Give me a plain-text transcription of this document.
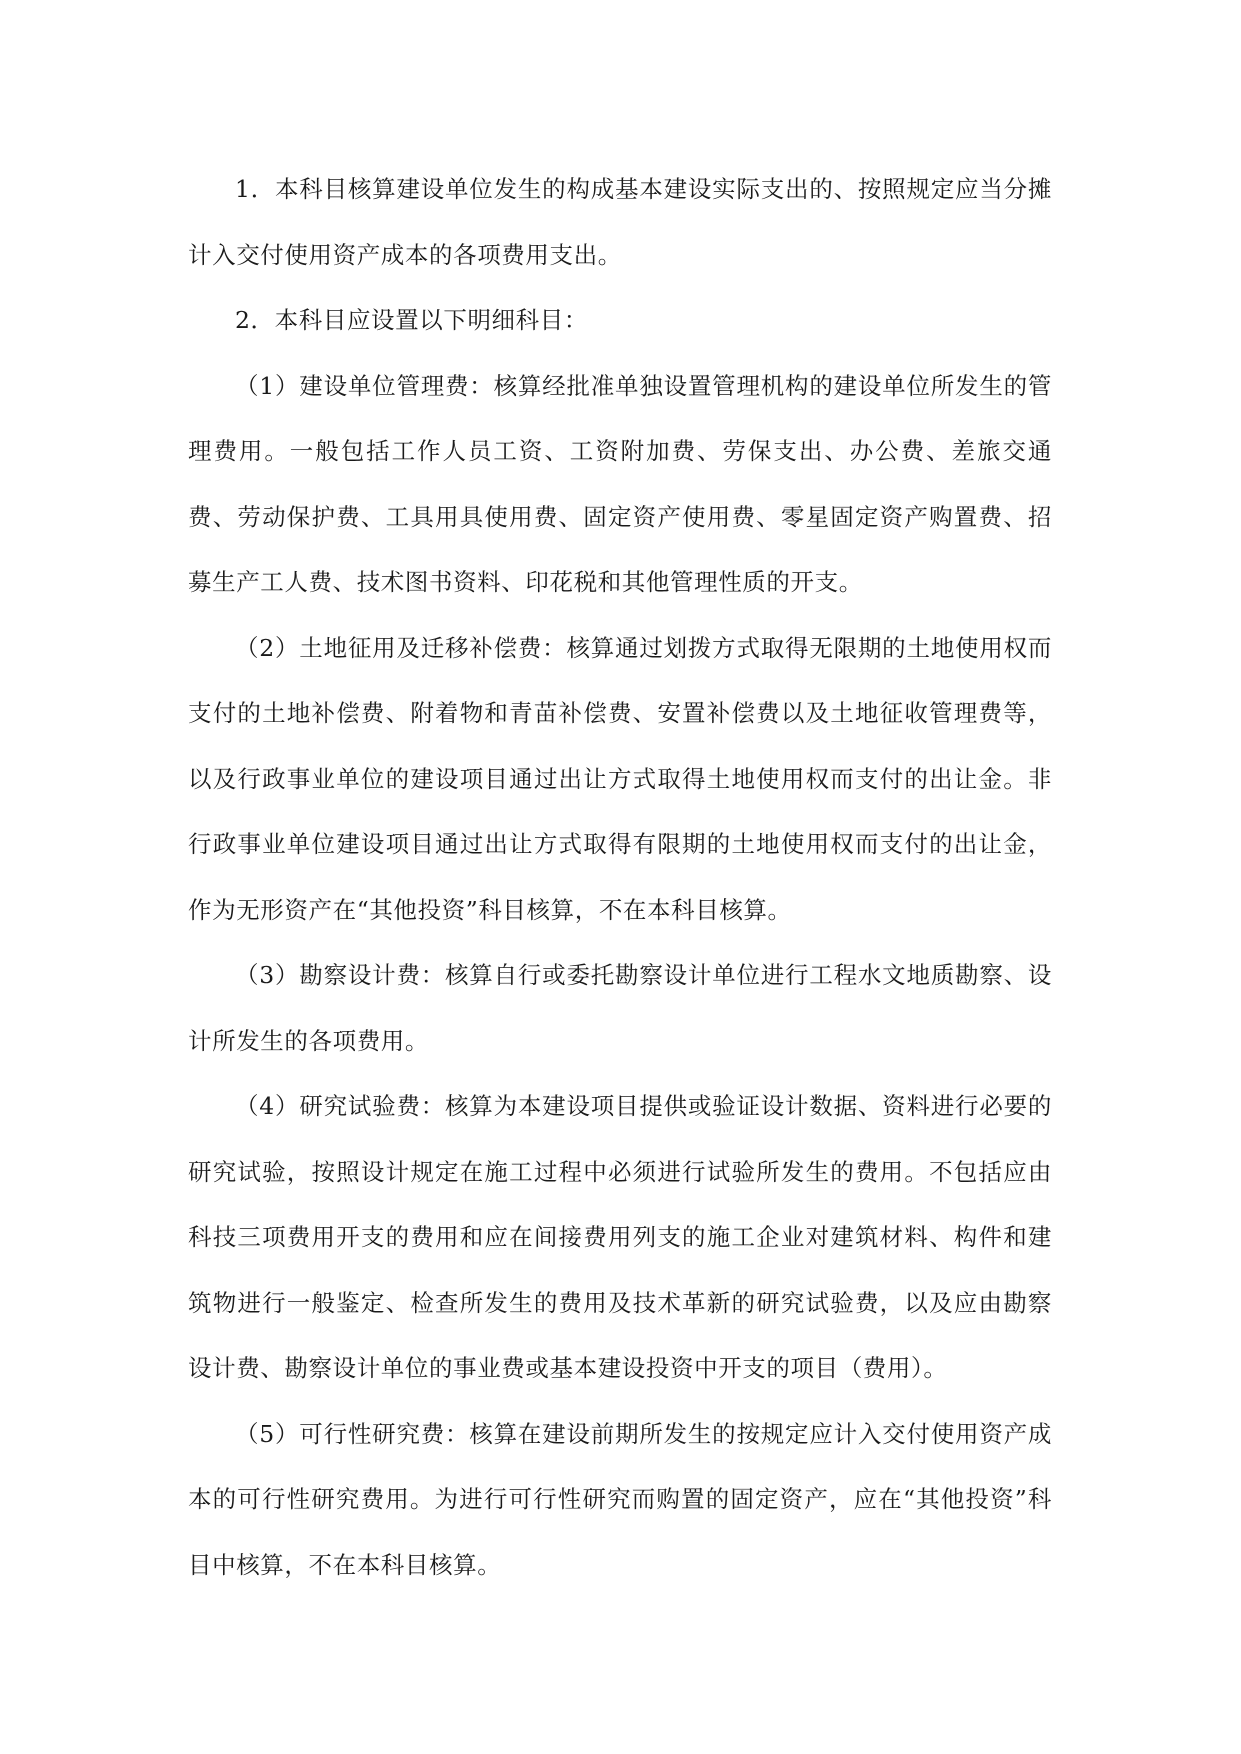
1．本科目核算建设单位发生的构成基本建设实际支出的、按照规定应当分摊计入交付使用资产成本的各项费用支出。

2．本科目应设置以下明细科目：

（1）建设单位管理费：核算经批准单独设置管理机构的建设单位所发生的管理费用。一般包括工作人员工资、工资附加费、劳保支出、办公费、差旅交通费、劳动保护费、工具用具使用费、固定资产使用费、零星固定资产购置费、招募生产工人费、技术图书资料、印花税和其他管理性质的开支。

（2）土地征用及迁移补偿费：核算通过划拨方式取得无限期的土地使用权而支付的土地补偿费、附着物和青苗补偿费、安置补偿费以及土地征收管理费等，以及行政事业单位的建设项目通过出让方式取得土地使用权而支付的出让金。非行政事业单位建设项目通过出让方式取得有限期的土地使用权而支付的出让金，作为无形资产在“其他投资”科目核算，不在本科目核算。

（3）勘察设计费：核算自行或委托勘察设计单位进行工程水文地质勘察、设计所发生的各项费用。

（4）研究试验费：核算为本建设项目提供或验证设计数据、资料进行必要的研究试验，按照设计规定在施工过程中必须进行试验所发生的费用。不包括应由科技三项费用开支的费用和应在间接费用列支的施工企业对建筑材料、构件和建筑物进行一般鉴定、检查所发生的费用及技术革新的研究试验费，以及应由勘察设计费、勘察设计单位的事业费或基本建设投资中开支的项目（费用）。

（5）可行性研究费：核算在建设前期所发生的按规定应计入交付使用资产成本的可行性研究费用。为进行可行性研究而购置的固定资产，应在“其他投资”科目中核算，不在本科目核算。
